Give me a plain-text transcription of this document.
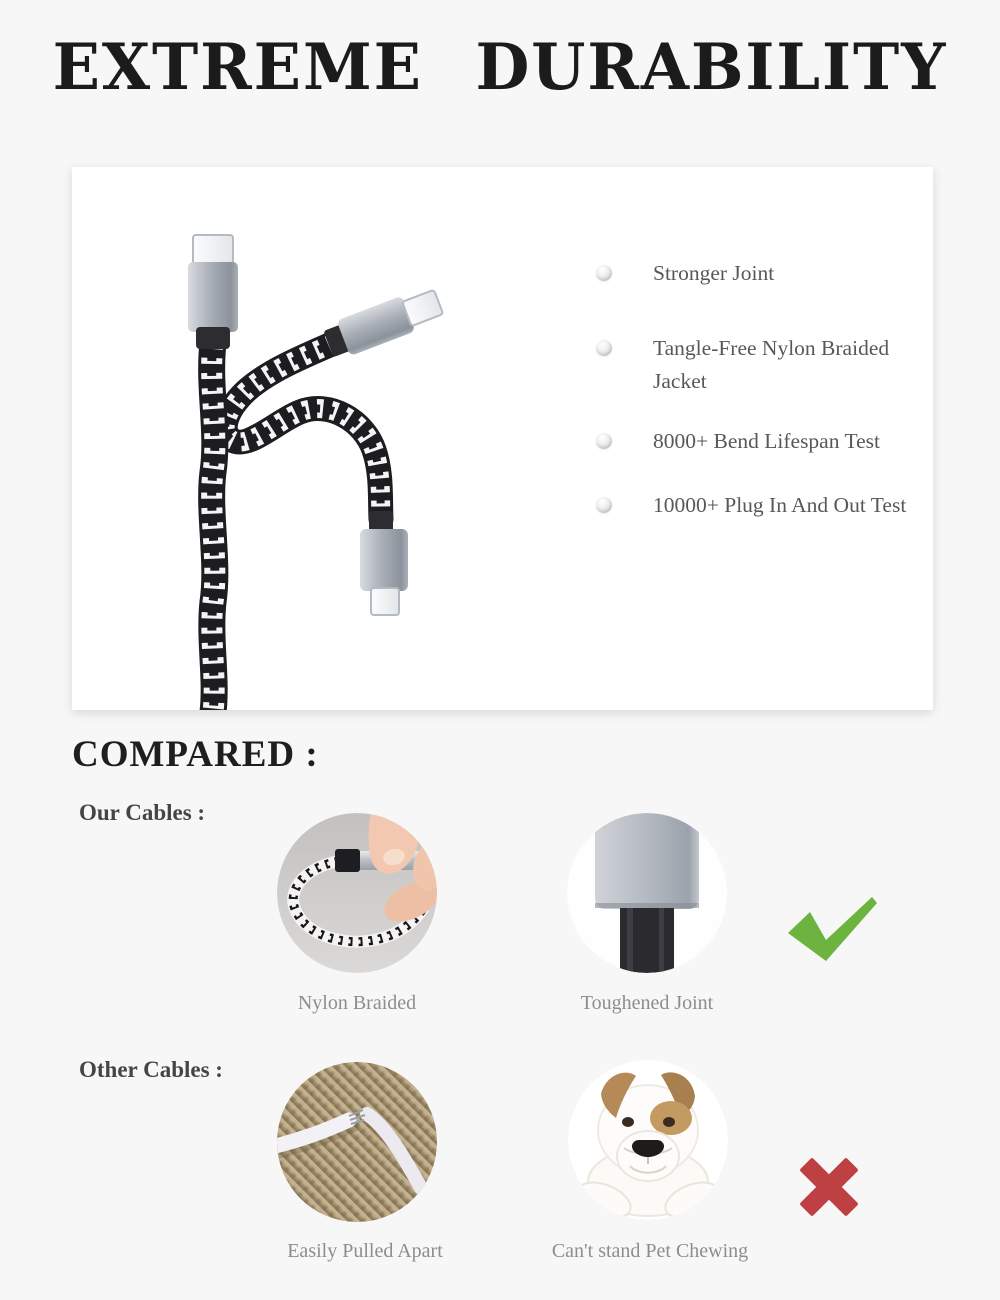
EXTREME DURABILITY
Stronger Joint
Tangle-Free Nylon Braided Jacket
8000+ Bend Lifespan Test
10000+ Plug In And Out Test
COMPARED :
Our Cables :
Other Cables :
Nylon Braided	Toughened Joint
Easily Pulled Apart	Can't stand Pet Chewing
